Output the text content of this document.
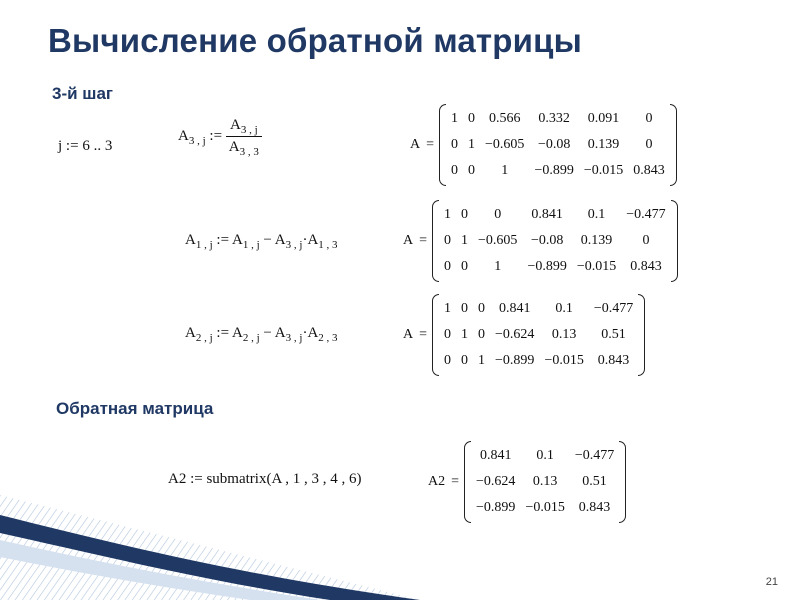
Вычисление обратной матрицы
3-й шаг
j := 6 .. 3
$A_{3 , j}$ := $\frac{A_{3 , j}}{A_{3 , 3}}$
$A_{1 , j}$ := $A_{1 , j} - A_{3 , j}\cdot A_{1 , 3}$
$A_{2 , j}$ := $A_{2 , j} - A_{3 , j}\cdot A_{2 , 3}$
A =
1	0	0.566	0.332	0.091	0
0	1	−0.605	−0.08	0.139	0
0	0	1	−0.899	−0.015	0.843
A =
1	0	0	0.841	0.1	−0.477
0	1	−0.605	−0.08	0.139	0
0	0	1	−0.899	−0.015	0.843
A =
1	0	0	0.841	0.1	−0.477
0	1	0	−0.624	0.13	0.51
0	0	1	−0.899	−0.015	0.843
Обратная матрица
A2 := submatrix(A , 1 , 3 , 4 , 6)	A2 =
0.841	0.1	−0.477
−0.624	0.13	0.51
−0.899	−0.015	0.843
21
